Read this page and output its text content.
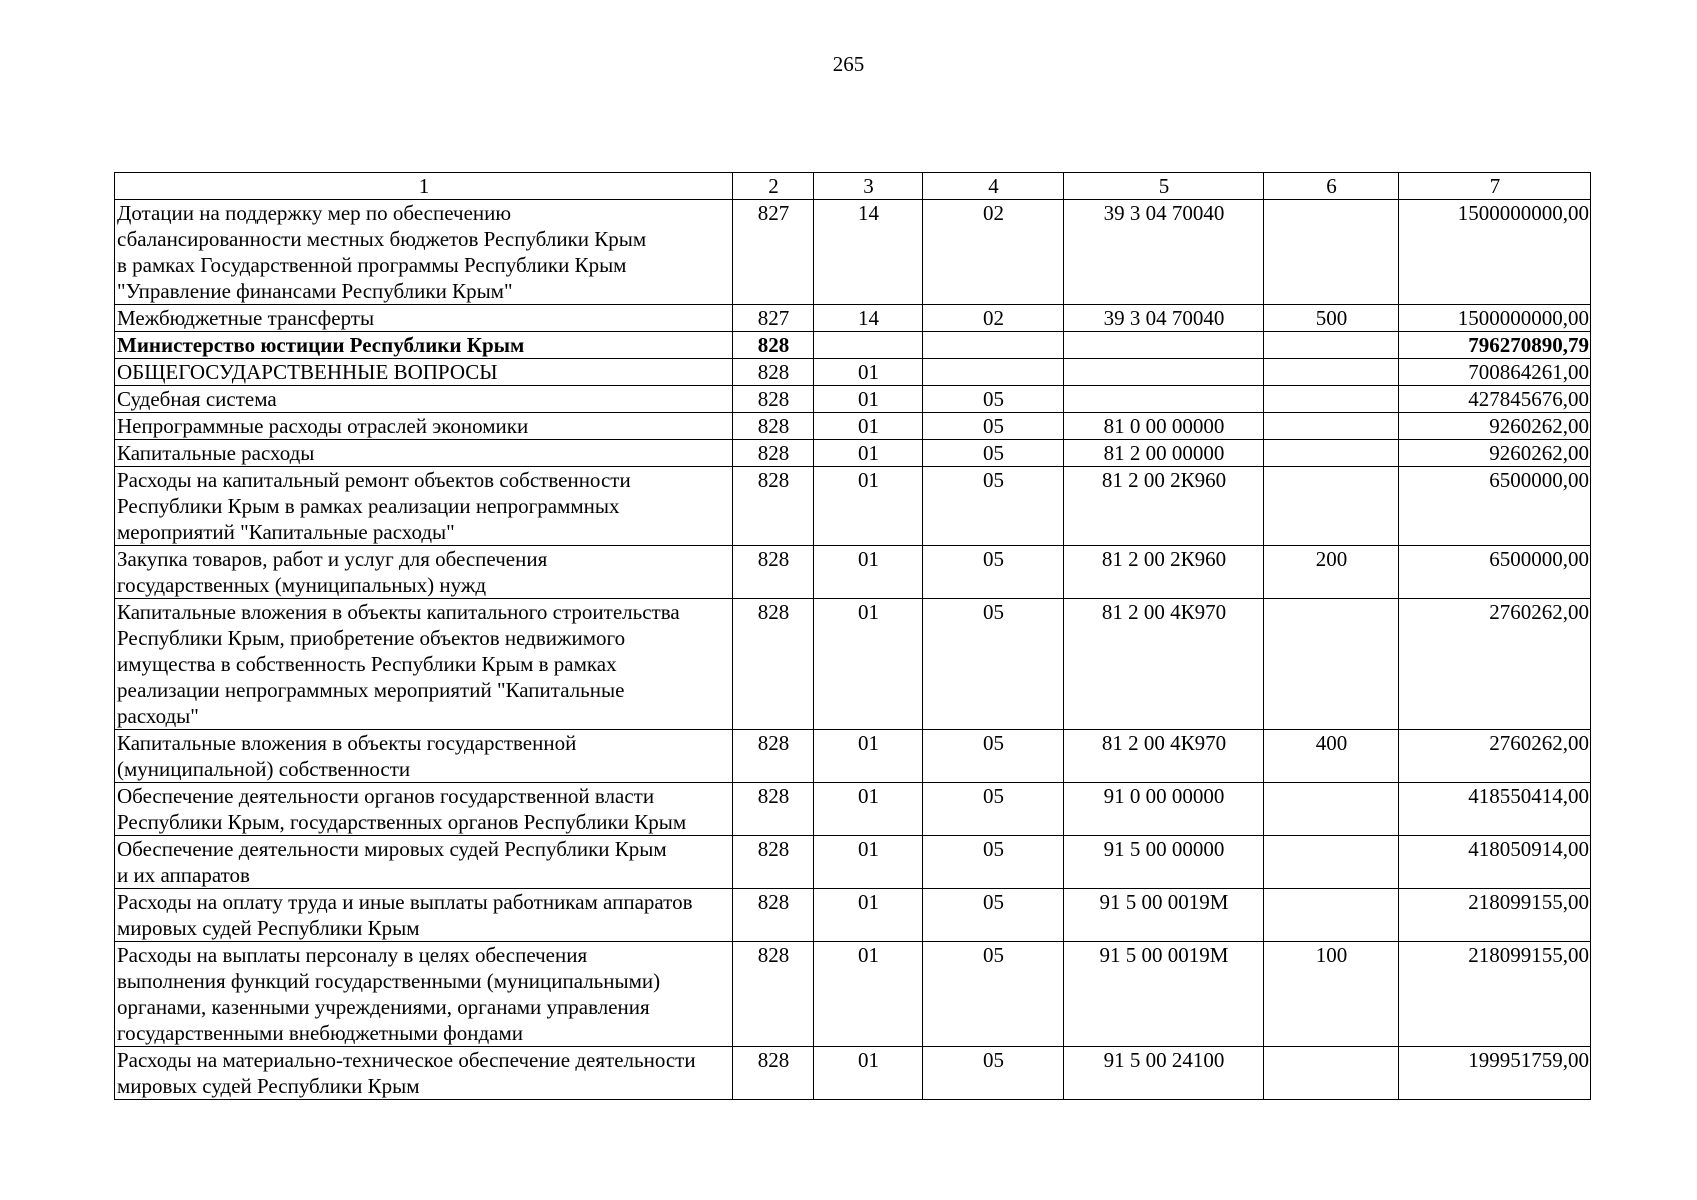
265
1	2	3	4	5	6	7
Дотации на поддержку мер по обеспечению
сбалансированности местных бюджетов Республики Крым
в рамках Государственной программы Республики Крым
"Управление финансами Республики Крым"	827	14	02	39 3 04 70040		1500000000,00
Межбюджетные трансферты	827	14	02	39 3 04 70040	500	1500000000,00
Министерство юстиции Республики Крым	828					796270890,79
ОБЩЕГОСУДАРСТВЕННЫЕ ВОПРОСЫ	828	01				700864261,00
Судебная система	828	01	05			427845676,00
Непрограммные расходы отраслей экономики	828	01	05	81 0 00 00000		9260262,00
Капитальные расходы	828	01	05	81 2 00 00000		9260262,00
Расходы на капитальный ремонт объектов собственности
Республики Крым в рамках реализации непрограммных
мероприятий "Капитальные расходы"	828	01	05	81 2 00 2К960		6500000,00
Закупка товаров, работ и услуг для обеспечения
государственных (муниципальных) нужд	828	01	05	81 2 00 2К960	200	6500000,00
Капитальные вложения в объекты капитального строительства
Республики Крым, приобретение объектов недвижимого
имущества в собственность Республики Крым в рамках
реализации непрограммных мероприятий "Капитальные
расходы"	828	01	05	81 2 00 4К970		2760262,00
Капитальные вложения в объекты государственной
(муниципальной) собственности	828	01	05	81 2 00 4К970	400	2760262,00
Обеспечение деятельности органов государственной власти
Республики Крым, государственных органов Республики Крым	828	01	05	91 0 00 00000		418550414,00
Обеспечение деятельности мировых судей Республики Крым
и их аппаратов	828	01	05	91 5 00 00000		418050914,00
Расходы на оплату труда и иные выплаты работникам аппаратов
мировых судей Республики Крым	828	01	05	91 5 00 0019М		218099155,00
Расходы на выплаты персоналу в целях обеспечения
выполнения функций государственными (муниципальными)
органами, казенными учреждениями, органами управления
государственными внебюджетными фондами	828	01	05	91 5 00 0019М	100	218099155,00
Расходы на материально-техническое обеспечение деятельности
мировых судей Республики Крым	828	01	05	91 5 00 24100		199951759,00
